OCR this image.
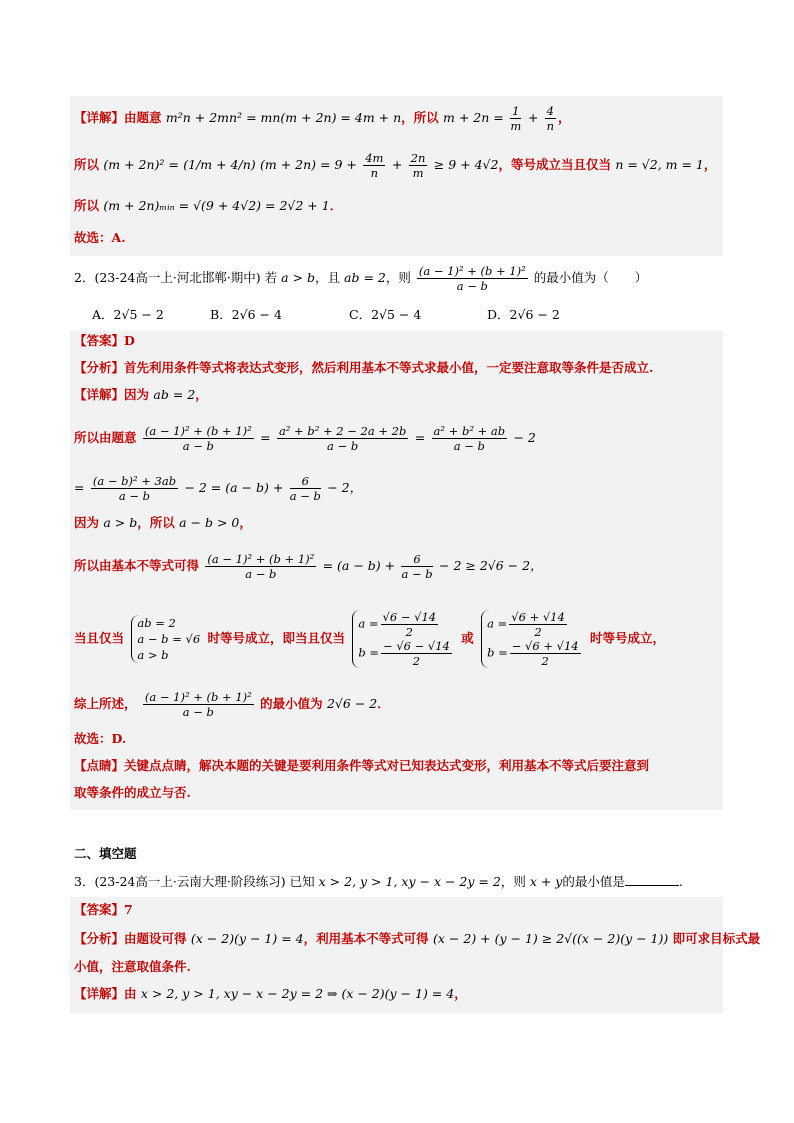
【详解】由题意 m²n + 2mn² = mn(m + 2n) = 4m + n，所以 $m + 2n = \frac{1}{m} + \frac{4}{n}$ ，
所以 (m + 2n)² = (1/m + 4/n) $(m + 2n) = 9 + \frac{4m}{n} + \frac{2n}{m} \ge 9 + 4√2$，等号成立当且仅当 n = √2, m = 1，
所以 (m + 2n)ₘᵢₙ = √(9 + 4√2) = 2√2 + 1．
故选：A.
2．(23-24高一上·河北邯郸·期中) 若 a > b，且 ab = 2，则 $\frac{\text{(a − 1)² + (b + 1)²}}{a - b}$ 的最小值为（ ）
A．2√5 − 2	B．2√6 − 4	C．2√5 − 4	D．2√6 − 2
【答案】D
【分析】首先利用条件等式将表达式变形，然后利用基本不等式求最小值，一定要注意取等条件是否成立.
【详解】因为 ab = 2，
所以由题意 $\frac{\text{(a − 1)² + (b + 1)²}}{a - b} = \frac{\text{a² + b² + 2 − 2a + 2b}}{a - b} = \frac{\text{a² + b² + ab}}{a - b} - 2$
= $\frac{\text{(a − b)² + 3ab}}{a - b} - 2 = (a - b) + \frac{6}{a - b} - 2$，
因为 a > b，所以 a − b > 0，
所以由基本不等式可得 $\frac{\text{(a − 1)² + (b + 1)²}}{a - b} = (a - b) + \frac{6}{a - b} - 2 \ge 2√6 - 2$，
当且仅当
ab = 2
a − b = √6
a > b
时等号成立，即当且仅当
$a = \frac{√6 - √14}{2}$
$b = \frac{- √6 - √14}{2}$
或
$a = \frac{√6 + √14}{2}$
$b = \frac{- √6 + √14}{2}$
时等号成立，
综上所述， $\frac{\text{(a − 1)² + (b + 1)²}}{a - b}$ 的最小值为 2√6 − 2．
故选：D.
【点睛】关键点点睛，解决本题的关键是要利用条件等式对已知表达式变形，利用基本不等式后要注意到
取等条件的成立与否.
二、填空题
3．(23-24高一上·云南大理·阶段练习) 已知 x > 2, y > 1, xy − x − 2y = 2，则 x + y的最小值是	.
【答案】7
【分析】由题设可得 (x − 2)(y − 1) = 4，利用基本不等式可得 (x − 2) + (y − 1) ≥ 2√((x − 2)(y − 1)) 即可求目标式最
小值，注意取值条件.
【详解】由 x > 2, y > 1, xy − x − 2y = 2 ⇒ (x − 2)(y − 1) = 4，
